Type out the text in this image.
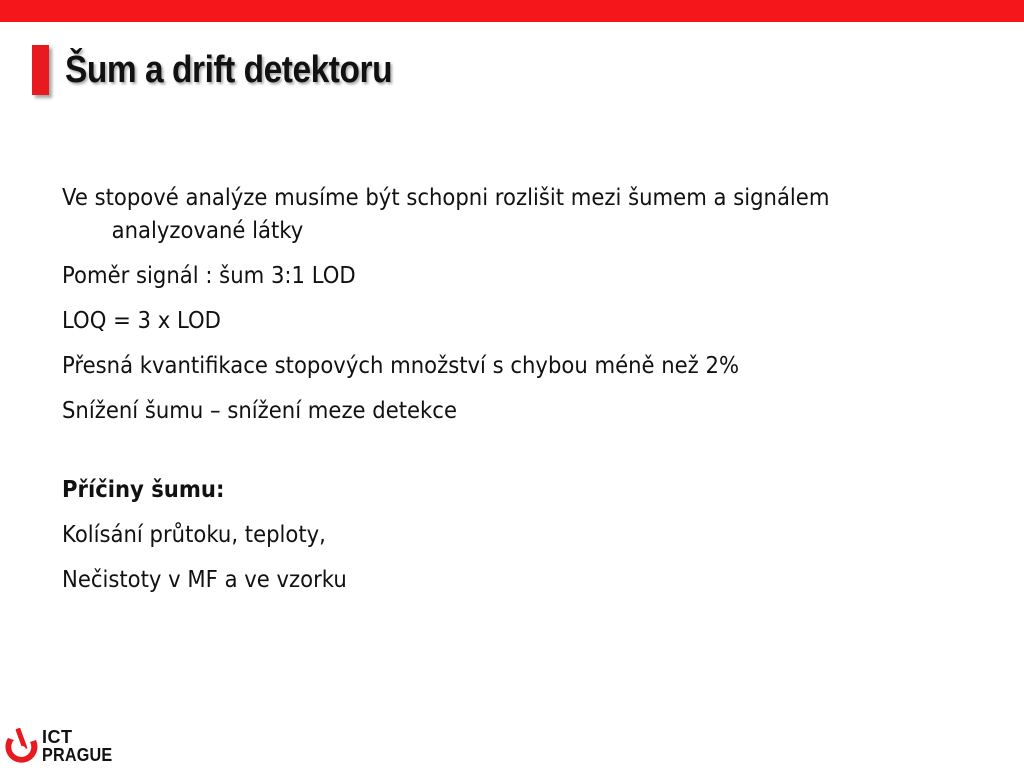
Šum a drift detektoru

Ve stopové analýze musíme být schopni rozlišit mezi šumem a signálem analyzované látky

Poměr signál : šum 3:1 LOD

LOQ = 3 x LOD

Přesná kvantifikace stopových množství s chybou méně než 2%

Snížení šumu – snížení meze detekce

Příčiny šumu:

Kolísání průtoku, teploty,

Nečistoty v MF a ve vzorku

ICT
PRAGUE
